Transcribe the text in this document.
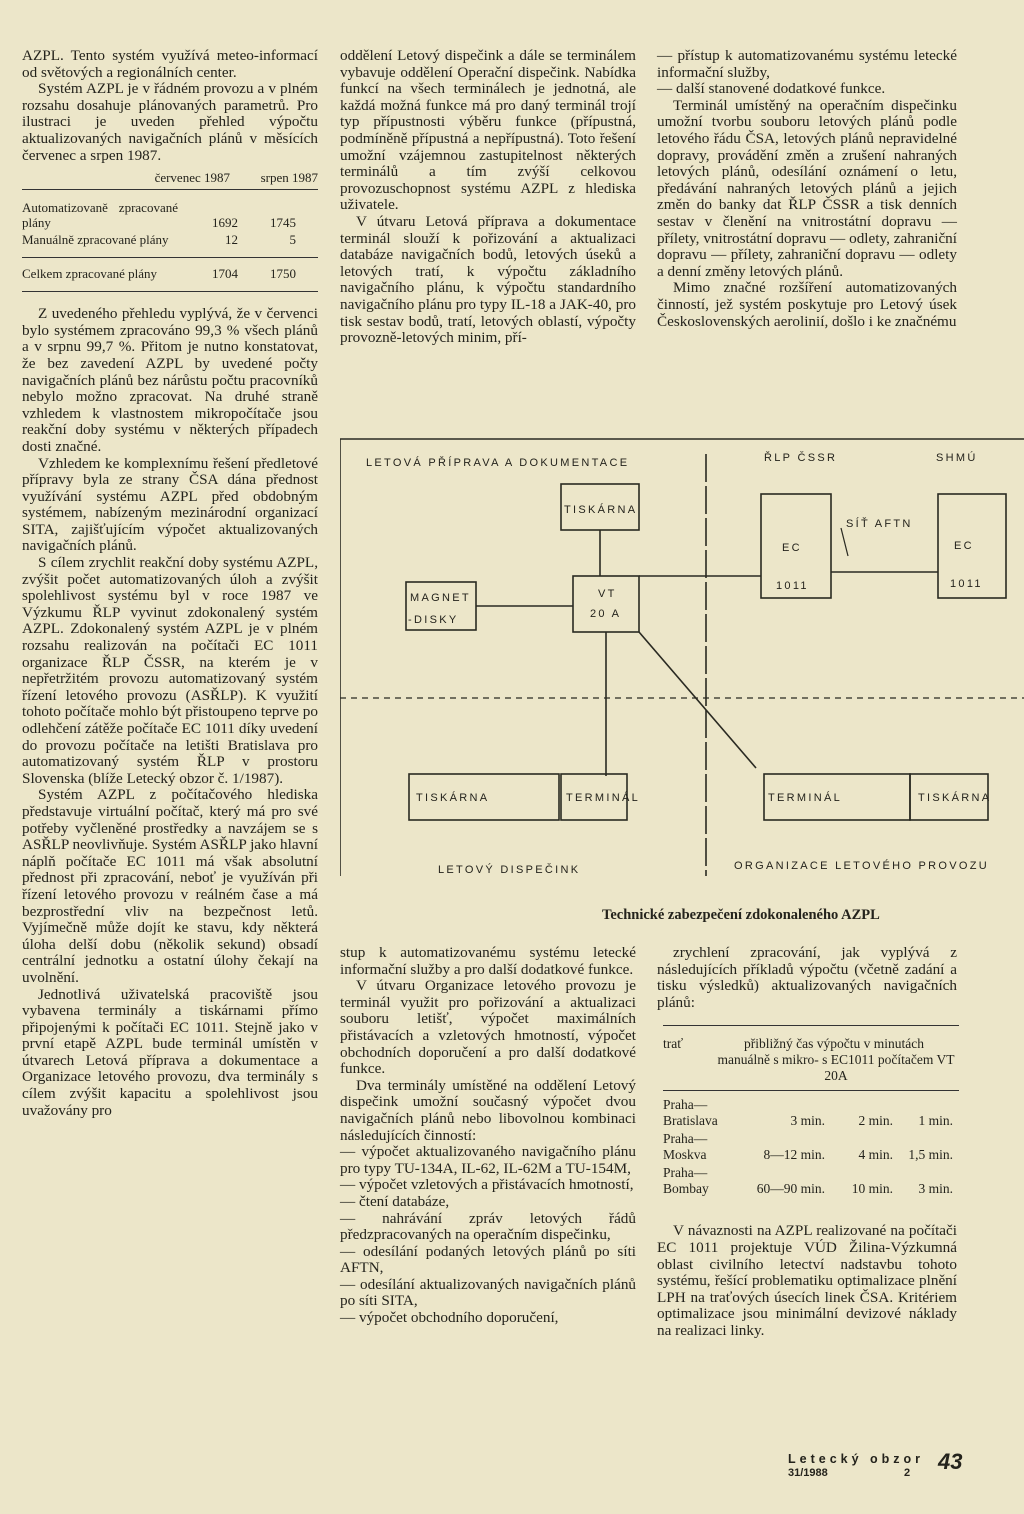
AZPL. Tento systém využívá meteo-informací od světových a regionálních center.

Systém AZPL je v řádném provozu a v plném rozsahu dosahuje plánovaných parametrů. Pro ilustraci je uveden přehled výpočtu aktualizovaných navigačních plánů v měsících červenec a srpen 1987.

červenec 1987	srpen 1987
Automatizovaně zpracované plány	1692	1745
Manuálně zpracované plány	12	5
Celkem zpracované plány	1704	1750

Z uvedeného přehledu vyplývá, že v červenci bylo systémem zpracováno 99,3 % všech plánů a v srpnu 99,7 %. Přitom je nutno konstatovat, že bez zavedení AZPL by uvedené počty navigačních plánů bez nárůstu počtu pracovníků nebylo možno zpracovat. Na druhé straně vzhledem k vlastnostem mikropočítače jsou reakční doby systému v některých případech dosti značné.

Vzhledem ke komplexnímu řešení předletové přípravy byla ze strany ČSA dána přednost využívání systému AZPL před obdobným systémem, nabízeným mezinárodní organizací SITA, zajišťujícím výpočet aktualizovaných navigačních plánů.

S cílem zrychlit reakční doby systému AZPL, zvýšit počet automatizovaných úloh a zvýšit spolehlivost systému byl v roce 1987 ve Výzkumu ŘLP vyvinut zdokonalený systém AZPL. Zdokonalený systém AZPL je v plném rozsahu realizován na počítači EC 1011 organizace ŘLP ČSSR, na kterém je v nepřetržitém provozu automatizovaný systém řízení letového provozu (ASŘLP). K využití tohoto počítače mohlo být přistoupeno teprve po odlehčení zátěže počítače EC 1011 díky uvedení do provozu počítače na letišti Bratislava pro automatizovaný systém ŘLP v prostoru Slovenska (blíže Letecký obzor č. 1/1987).

Systém AZPL z počítačového hlediska představuje virtuální počítač, který má pro své potřeby vyčleněné prostředky a navzájem se s ASŘLP neovlivňuje. Systém ASŘLP jako hlavní náplň počítače EC 1011 má však absolutní přednost při zpracování, neboť je využíván při řízení letového provozu v reálném čase a má bezprostřední vliv na bezpečnost letů. Vyjímečně může dojít ke stavu, kdy některá úloha delší dobu (několik sekund) obsadí centrální jednotku a ostatní úlohy čekají na uvolnění.

Jednotlivá uživatelská pracoviště jsou vybavena terminály a tiskárnami přímo připojenými k počítači EC 1011. Stejně jako v první etapě AZPL bude terminál umístěn v útvarech Letová příprava a dokumentace a Organizace letového provozu, dva terminály s cílem zvýšit kapacitu a spolehlivost jsou uvažovány pro

oddělení Letový dispečink a dále se terminálem vybavuje oddělení Operační dispečink. Nabídka funkcí na všech terminálech je jednotná, ale každá možná funkce má pro daný terminál trojí typ přípustnosti výběru funkce (přípustná, podmíněně přípustná a nepřípustná). Toto řešení umožní vzájemnou zastupitelnost některých terminálů a tím zvýší celkovou provozuschopnost systému AZPL z hlediska uživatele.

V útvaru Letová příprava a dokumentace terminál slouží k pořizování a aktualizaci databáze navigačních bodů, letových úseků a letových tratí, k výpočtu základního navigačního plánu, k výpočtu standardního navigačního plánu pro typy IL-18 a JAK-40, pro tisk sestav bodů, tratí, letových oblastí, výpočty provozně-letových minim, pří-

— přístup k automatizovanému systému letecké informační služby,

— další stanovené dodatkové funkce.

Terminál umístěný na operačním dispečinku umožní tvorbu souboru letových plánů podle letového řádu ČSA, letových plánů nepravidelné dopravy, provádění změn a zrušení nahraných letových plánů, odesílání oznámení o letu, předávání nahraných letových plánů a jejich změn do banky dat ŘLP ČSSR a tisk denních sestav v členění na vnitrostátní dopravu — přílety, vnitrostátní dopravu — odlety, zahraniční dopravu — přílety, zahraniční dopravu — odlety a denní změny letových plánů.

Mimo značné rozšíření automatizovaných činností, jež systém poskytuje pro Letový úsek Československých aerolinií, došlo i ke značnému

LETOVÁ PŘÍPRAVA A DOKUMENTACE	ŘLP ČSSR	SHMÚ
TISKÁRNA
VT
20 A
MAGNET
-DISKY
EC
1011
EC
1011
SÍŤ AFTN
TISKÁRNA	TERMINÁL	TERMINÁL	TISKÁRNA
LETOVÝ DISPEČINK	ORGANIZACE LETOVÉHO PROVOZU
Technické zabezpečení zdokonaleného AZPL

stup k automatizovanému systému letecké informační služby a pro další dodatkové funkce.

V útvaru Organizace letového provozu je terminál využit pro pořizování a aktualizaci souboru letišť, výpočet maximálních přistávacích a vzletových hmotností, výpočet obchodních doporučení a pro další dodatkové funkce.

Dva terminály umístěné na oddělení Letový dispečink umožní současný výpočet dvou navigačních plánů nebo libovolnou kombinaci následujících činností:

— výpočet aktualizovaného navigačního plánu pro typy TU-134A, IL-62, IL-62M a TU-154M,

— výpočet vzletových a přistávacích hmotností,

— čtení databáze,

— nahrávání zpráv letových řádů předzpracovaných na operačním dispečinku,

— odesílání podaných letových plánů po síti AFTN,

— odesílání aktualizovaných navigačních plánů po síti SITA,

— výpočet obchodního doporučení,

zrychlení zpracování, jak vyplývá z následujících příkladů výpočtu (včetně zadání a tisku výsledků) aktualizovaných navigačních plánů:

trať	přibližný čas výpočtu v minutách
manuálně s mikro- s EC1011 počítačem VT 20A
Praha—
Bratislava	3 min.	2 min.	1 min.
Praha—
Moskva	8—12 min.	4 min.	1,5 min.
Praha—
Bombay	60—90 min.	10 min.	3 min.

V návaznosti na AZPL realizované na počítači EC 1011 projektuje VÚD Žilina-Výzkumná oblast civilního letectví nadstavbu tohoto systému, řešící problematiku optimalizace plnění LPH na traťových úsecích linek ČSA. Kritériem optimalizace jsou minimální devizové náklady na realizaci linky.

Letecký obzor
31/1988	2 43
